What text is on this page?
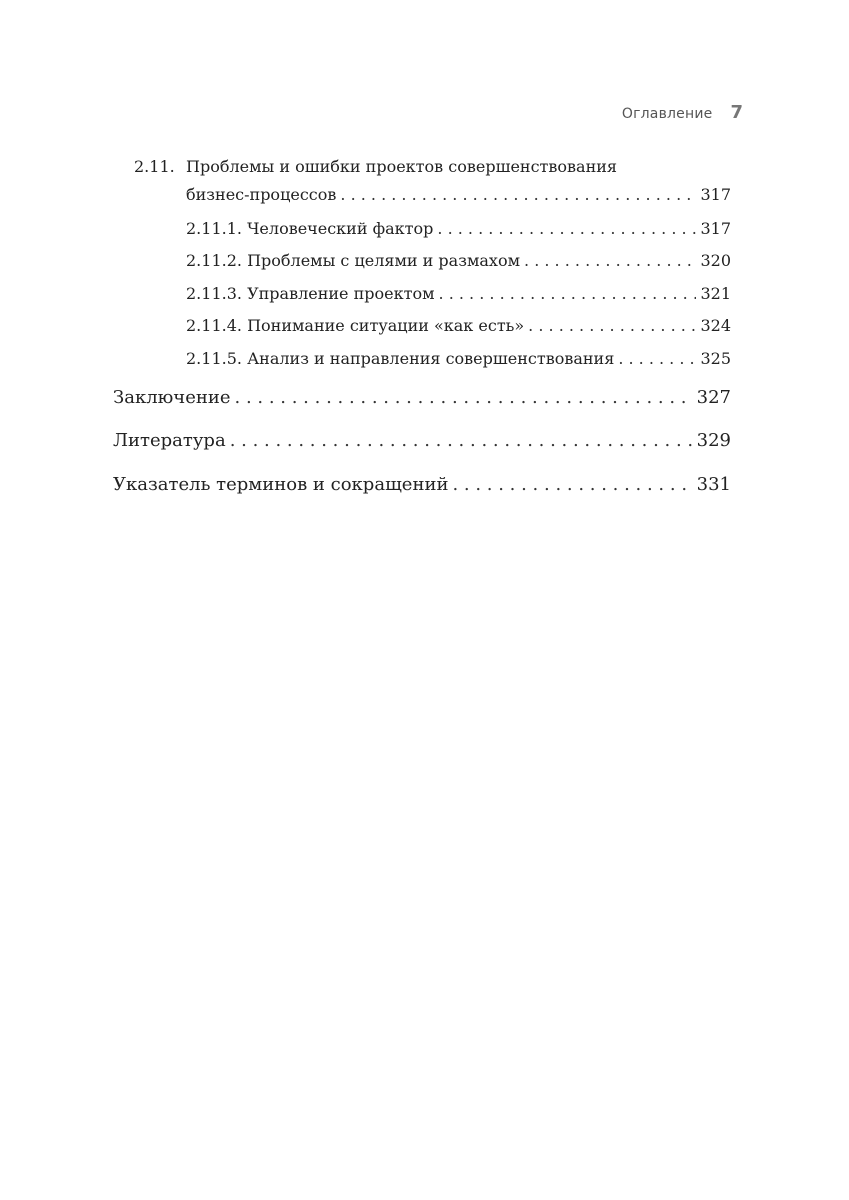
Оглавление 7
2.11. Проблемы и ошибки проектов совершенствования
бизнес-процессов . . .	317
2.11.1. Человеческий фактор . . .	317
2.11.2. Проблемы с целями и размахом . . .	320
2.11.3. Управление проектом . . .	321
2.11.4. Понимание ситуации «как есть» . . .	324
2.11.5. Анализ и направления совершенствования . . .	325
Заключение . . .	327
Литература . . .	329
Указатель терминов и сокращений . . .	331
